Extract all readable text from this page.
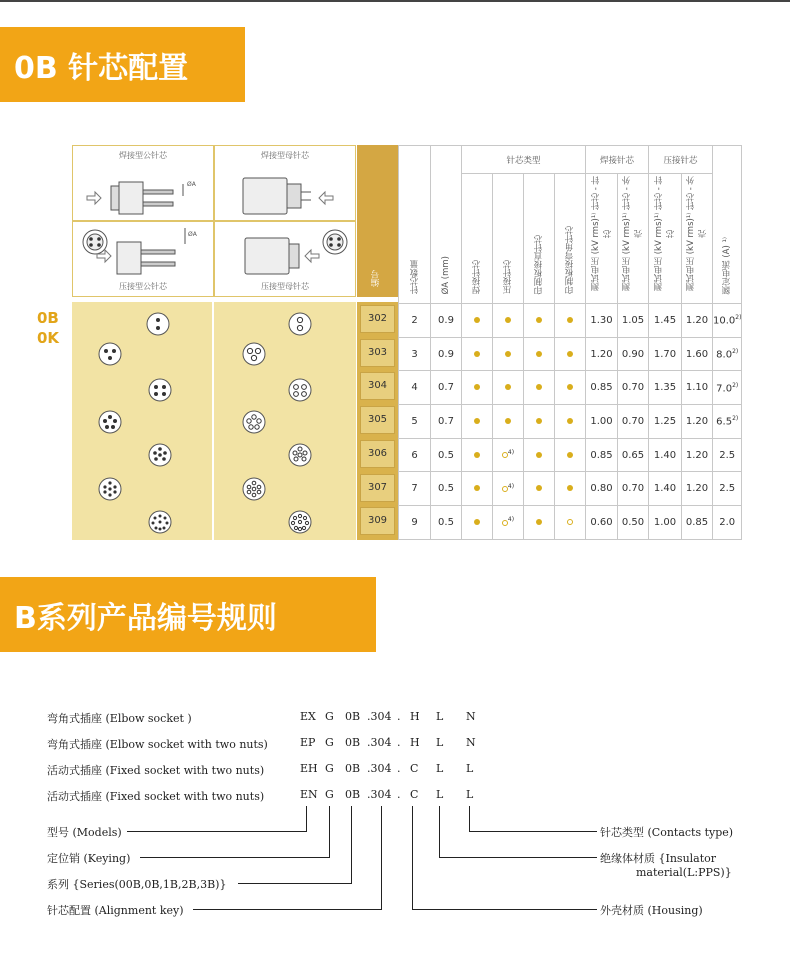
0B 针芯配置
焊接型公针芯
ØA
焊接型母针芯
压接型公针芯
ØA
压接型母针芯	编号
0B
0K
302
303
304
305
306
307
309
针芯数量	ØA (mm)	针芯类型				焊接针芯		压接针芯		额定电流 (A) ¹⁾
		焊接针芯	压接针芯	印制板接直针芯	印制板接弯角针芯	测试电压 (kV rms)¹⁾ 针芯 - 针芯	测试电压 (kV rms)¹⁾ 针芯 - 外壳	测试电压 (kV rms)¹⁾ 针芯 - 针芯	测试电压 (kV rms)¹⁾ 针芯 - 外壳	
2	0.9					1.30	1.05	1.45	1.20	10.0$^{2)}$
3	0.9					1.20	0.90	1.70	1.60	8.0$^{2)}$
4	0.7					0.85	0.70	1.35	1.10	7.0$^{2)}$
5	0.7					1.00	0.70	1.25	1.20	6.5$^{2)}$
6	0.5		$^{4)}$			0.85	0.65	1.40	1.20	2.5
7	0.5		$^{4)}$			0.80	0.70	1.40	1.20	2.5
9	0.5		$^{4)}$			0.60	0.50	1.00	0.85	2.0
B系列产品编号规则
弯角式插座 (Elbow socket )	EX G 0B .304 . H L N
弯角式插座 (Elbow socket with two nuts)	EP G 0B .304 . H L N
活动式插座 (Fixed socket with two nuts)	EH G 0B .304 . C L L
活动式插座 (Fixed socket with two nuts)	EN G 0B .304 . C L L
型号 (Models)
定位销 (Keying)
系列 {Series(00B,0B,1B,2B,3B)}
针芯配置 (Alignment key)
针芯类型 (Contacts type)
绝缘体材质 {Insulator
material(L:PPS)}
外壳材质 (Housing)
